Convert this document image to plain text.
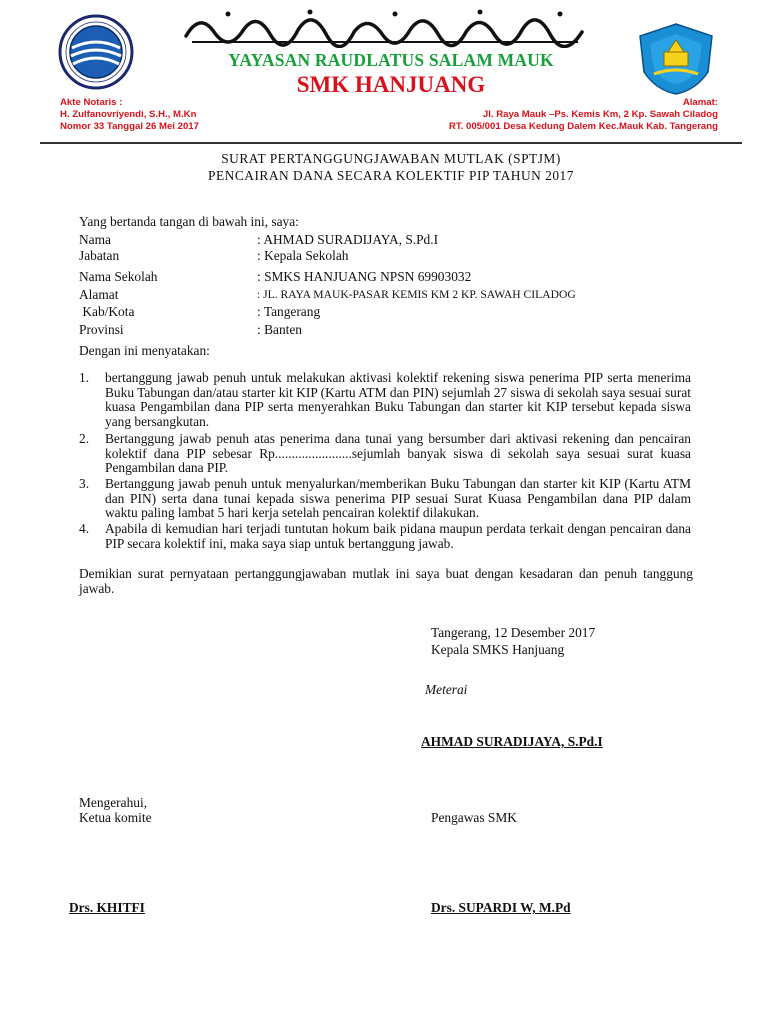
YAYASAN RAUDLATUS SALAM MAUK
SMK HANJUANG
Akte Notaris :
H. Zulfanovriyendi, S.H., M.Kn
Nomor 33 Tanggal 26 Mei 2017
Alamat:
Jl. Raya Mauk –Ps. Kemis Km, 2 Kp. Sawah Ciladog
RT. 005/001 Desa Kedung Dalem Kec.Mauk Kab. Tangerang
SURAT PERTANGGUNGJAWABAN MUTLAK (SPTJM)
PENCAIRAN DANA SECARA KOLEKTIF PIP TAHUN 2017
Yang bertanda tangan di bawah ini, saya:
Nama	: AHMAD SURADIJAYA, S.Pd.I
Jabatan	: Kepala Sekolah
Nama Sekolah	: SMKS HANJUANG NPSN 69903032
Alamat	: JL. RAYA MAUK-PASAR KEMIS KM 2 KP. SAWAH CILADOG
Kab/Kota	: Tangerang
Provinsi	: Banten
Dengan ini menyatakan:
1. bertanggung jawab penuh untuk melakukan aktivasi kolektif rekening siswa penerima PIP serta menerima Buku Tabungan dan/atau starter kit KIP (Kartu ATM dan PIN) sejumlah 27 siswa di sekolah saya sesuai surat kuasa Pengambilan dana PIP serta menyerahkan Buku Tabungan dan starter kit KIP tersebut kepada siswa yang bersangkutan.
2. Bertanggung jawab penuh atas penerima dana tunai yang bersumber dari aktivasi rekening dan pencairan kolektif dana PIP sebesar Rp.......................sejumlah banyak siswa di sekolah saya sesuai surat kuasa Pengambilan dana PIP.
3. Bertanggung jawab penuh untuk menyalurkan/memberikan Buku Tabungan dan starter kit KIP (Kartu ATM dan PIN) serta dana tunai kepada siswa penerima PIP sesuai Surat Kuasa Pengambilan dana PIP dalam waktu paling lambat 5 hari kerja setelah pencairan kolektif dilakukan.
4. Apabila di kemudian hari terjadi tuntutan hokum baik pidana maupun perdata terkait dengan pencairan dana PIP secara kolektif ini, maka saya siap untuk bertanggung jawab.
Demikian surat pernyataan pertanggungjawaban mutlak ini saya buat dengan kesadaran dan penuh tanggung jawab.
Tangerang, 12 Desember 2017
Kepala SMKS Hanjuang
Meterai
AHMAD SURADIJAYA, S.Pd.I
Mengerahui,
Ketua komite	Pengawas SMK
Drs. KHITFI	Drs. SUPARDI W, M.Pd
